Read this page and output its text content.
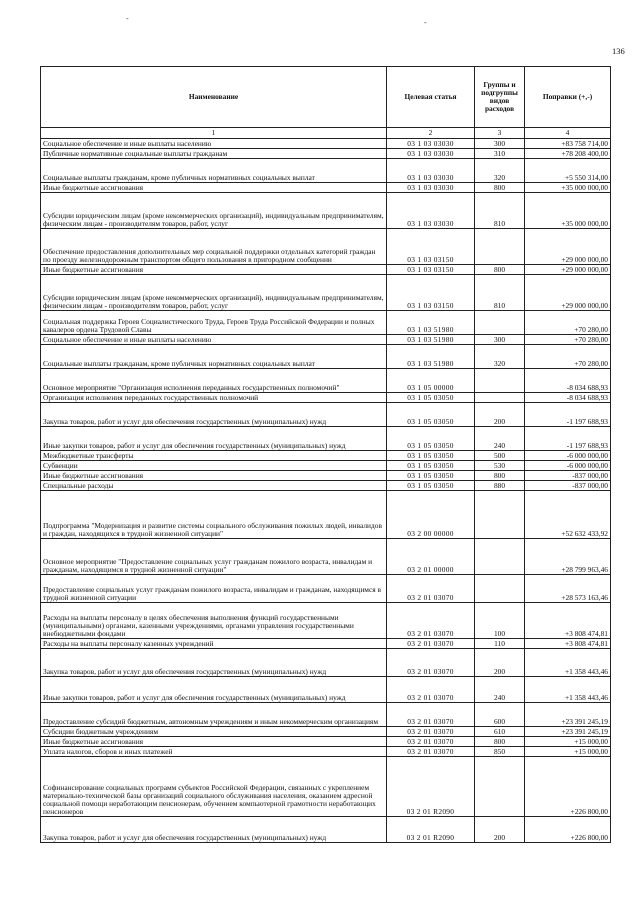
136
-	-
Наименование	Целевая статья	Группы и подгруппы видов расходов	Поправки (+,-)
1	2	3	4
Социальное обеспечение и иные выплаты населению	03 1 03 03030	300	+83 758 714,00
Публичные нормативные социальные выплаты гражданам	03 1 03 03030	310	+78 208 400,00
Социальные выплаты гражданам, кроме публичных нормативных социальных выплат	03 1 03 03030	320	+5 550 314,00
Иные бюджетные ассигнования	03 1 03 03030	800	+35 000 000,00
Субсидии юридическим лицам (кроме некоммерческих организаций), индивидуальным предпринимателям, физическим лицам - производителям товаров, работ, услуг	03 1 03 03030	810	+35 000 000,00
Обеспечение предоставления дополнительных мер социальной поддержки отдельных категорий граждан по проезду железнодорожным транспортом общего пользования в пригородном сообщении	03 1 03 03150		+29 000 000,00
Иные бюджетные ассигнования	03 1 03 03150	800	+29 000 000,00
Субсидии юридическим лицам (кроме некоммерческих организаций), индивидуальным предпринимателям, физическим лицам - производителям товаров, работ, услуг	03 1 03 03150	810	+29 000 000,00
Социальная поддержка Героев Социалистического Труда, Героев Труда Российской Федерации и полных кавалеров ордена Трудовой Славы	03 1 03 51980		+70 280,00
Социальное обеспечение и иные выплаты населению	03 1 03 51980	300	+70 280,00
Социальные выплаты гражданам, кроме публичных нормативных социальных выплат	03 1 03 51980	320	+70 280,00
Основное мероприятие "Организация исполнения переданных государственных полномочий"	03 1 05 00000		-8 034 688,93
Организация исполнения переданных государственных полномочий	03 1 05 03050		-8 034 688,93
Закупка товаров, работ и услуг для обеспечения государственных (муниципальных) нужд	03 1 05 03050	200	-1 197 688,93
Иные закупки товаров, работ и услуг для обеспечения государственных (муниципальных) нужд	03 1 05 03050	240	-1 197 688,93
Межбюджетные трансферты	03 1 05 03050	500	-6 000 000,00
Субвенции	03 1 05 03050	530	-6 000 000,00
Иные бюджетные ассигнования	03 1 05 03050	800	-837 000,00
Специальные расходы	03 1 05 03050	880	-837 000,00
Подпрограмма "Модернизация и развитие системы социального обслуживания пожилых людей, инвалидов и граждан, находящихся в трудной жизненной ситуации"	03 2 00 00000		+52 632 433,92
Основное мероприятие "Предоставление социальных услуг гражданам пожилого возраста, инвалидам и гражданам, находящимся в трудной жизненной ситуации"	03 2 01 00000		+28 799 963,46
Предоставление социальных услуг гражданам пожилого возраста, инвалидам и гражданам, находящимся в трудной жизненной ситуации	03 2 01 03070		+28 573 163,46
Расходы на выплаты персоналу в целях обеспечения выполнения функций государственными (муниципальными) органами, казенными учреждениями, органами управления государственными внебюджетными фондами	03 2 01 03070	100	+3 808 474,81
Расходы на выплаты персоналу казенных учреждений	03 2 01 03070	110	+3 808 474,81
Закупка товаров, работ и услуг для обеспечения государственных (муниципальных) нужд	03 2 01 03070	200	+1 358 443,46
Иные закупки товаров, работ и услуг для обеспечения государственных (муниципальных) нужд	03 2 01 03070	240	+1 358 443,46
Предоставление субсидий бюджетным, автономным учреждениям и иным некоммерческим организациям	03 2 01 03070	600	+23 391 245,19
Субсидии бюджетным учреждениям	03 2 01 03070	610	+23 391 245,19
Иные бюджетные ассигнования	03 2 01 03070	800	+15 000,00
Уплата налогов, сборов и иных платежей	03 2 01 03070	850	+15 000,00
Софинансирование социальных программ субъектов Российской Федерации, связанных с укреплением материально-технической базы организаций социального обслуживания населения, оказанием адресной социальной помощи неработающим пенсионерам, обучением компьютерной грамотности неработающих пенсионеров	03 2 01 R2090		+226 800,00
Закупка товаров, работ и услуг для обеспечения государственных (муниципальных) нужд	03 2 01 R2090	200	+226 800,00
